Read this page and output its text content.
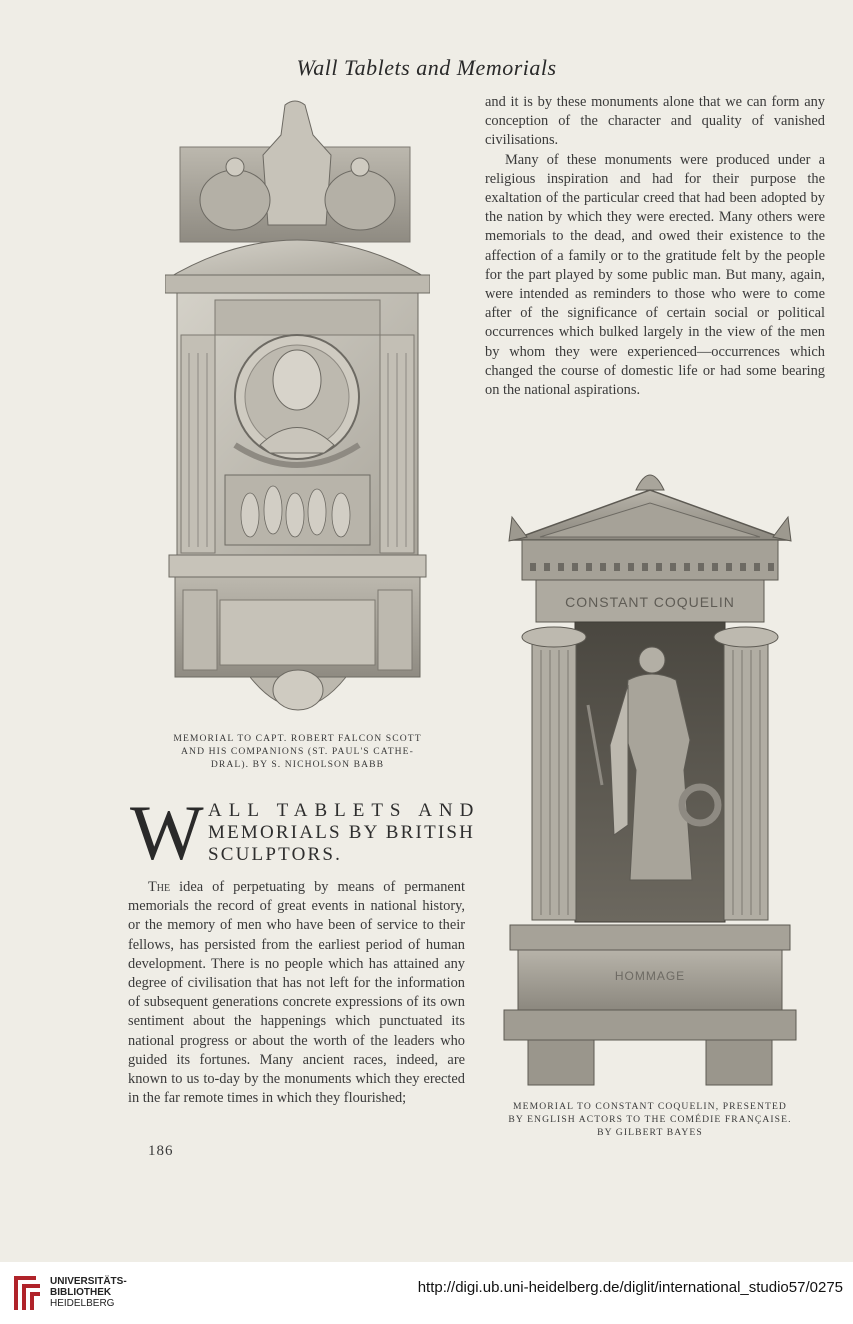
Wall Tablets and Memorials

and it is by these monuments alone that we can form any conception of the character and quality of vanished civilisations.

Many of these monuments were produced under a religious inspiration and had for their purpose the exaltation of the particular creed that had been adopted by the nation by which they were erected. Many others were memorials to the dead, and owed their existence to the affection of a family or to the gratitude felt by the people for the part played by some public man. But many, again, were intended as reminders to those who were to come after of the significance of certain social or political occurrences which bulked largely in the view of the men by whom they were experienced—occurrences which changed the course of domestic life or had some bearing on the national aspirations.

MEMORIAL TO CAPT. ROBERT FALCON SCOTT
AND HIS COMPANIONS (ST. PAUL'S CATHE-
DRAL). BY S. NICHOLSON BABB
W ALL TABLETS AND
MEMORIALS BY BRITISH
SCULPTORS.

The idea of perpetuating by means of permanent memorials the record of great events in national history, or the memory of men who have been of service to their fellows, has persisted from the earliest period of human development. There is no people which has attained any degree of civilisation that has not left for the information of subsequent generations concrete expressions of its own sentiment about the happenings which punctuated its national progress or about the worth of the leaders who guided its fortunes. Many ancient races, indeed, are known to us to-day by the monuments which they erected in the far remote times in which they flourished;

186
CONSTANT COQUELIN
HOMMAGE
MEMORIAL TO CONSTANT COQUELIN, PRESENTED
BY ENGLISH ACTORS TO THE COMÉDIE FRANÇAISE.
BY GILBERT BAYES
UNIVERSITÄTS-
BIBLIOTHEK
HEIDELBERG
http://digi.ub.uni-heidelberg.de/diglit/international_studio57/0275
